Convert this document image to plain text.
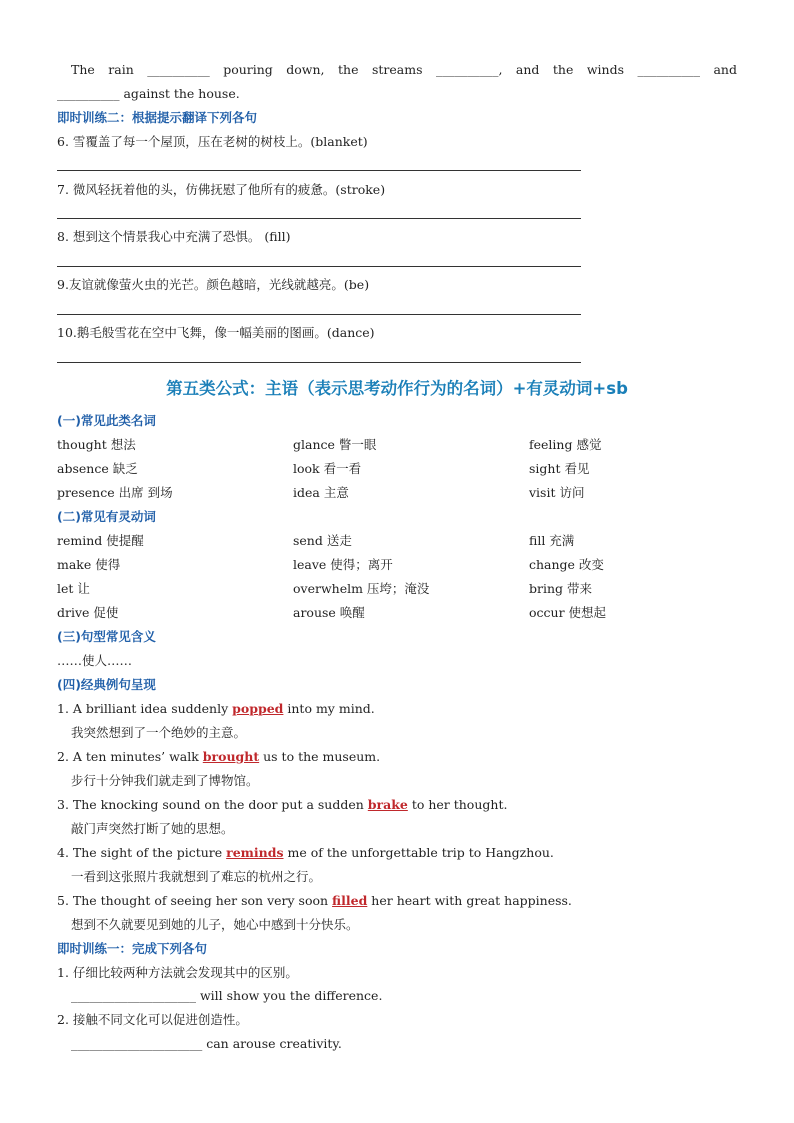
The rain __________ pouring down, the streams __________, and the winds __________ and
__________ against the house.
即时训练二：根据提示翻译下列各句
6. 雪覆盖了每一个屋顶，压在老树的树枝上。(blanket)
7. 微风轻抚着他的头，仿佛抚慰了他所有的疲惫。(stroke)
8. 想到这个情景我心中充满了恐惧。 (fill)
9.友谊就像萤火虫的光芒。颜色越暗，光线就越亮。(be)
10.鹅毛般雪花在空中飞舞，像一幅美丽的图画。(dance)
第五类公式：主语（表示思考动作行为的名词）+有灵动词+sb
(一)常见此类名词
thought 想法	glance 瞥一眼	feeling 感觉
absence 缺乏	look 看一看	sight 看见
presence 出席 到场	idea 主意	visit 访问
(二)常见有灵动词
remind 使提醒	send 送走	fill 充满
make 使得	leave 使得；离开	change 改变
let 让	overwhelm 压垮；淹没	bring 带来
drive 促使	arouse 唤醒	occur 使想起
(三)句型常见含义
……使人……
(四)经典例句呈现
1. A brilliant idea suddenly popped into my mind.
我突然想到了一个绝妙的主意。
2. A ten minutes’ walk brought us to the museum.
步行十分钟我们就走到了博物馆。
3. The knocking sound on the door put a sudden brake to her thought.
敲门声突然打断了她的思想。
4. The sight of the picture reminds me of the unforgettable trip to Hangzhou.
一看到这张照片我就想到了难忘的杭州之行。
5. The thought of seeing her son very soon filled her heart with great happiness.
想到不久就要见到她的儿子，她心中感到十分快乐。
即时训练一：完成下列各句
1. 仔细比较两种方法就会发现其中的区别。
____________________ will show you the difference.
2. 接触不同文化可以促进创造性。
_____________________ can arouse creativity.
